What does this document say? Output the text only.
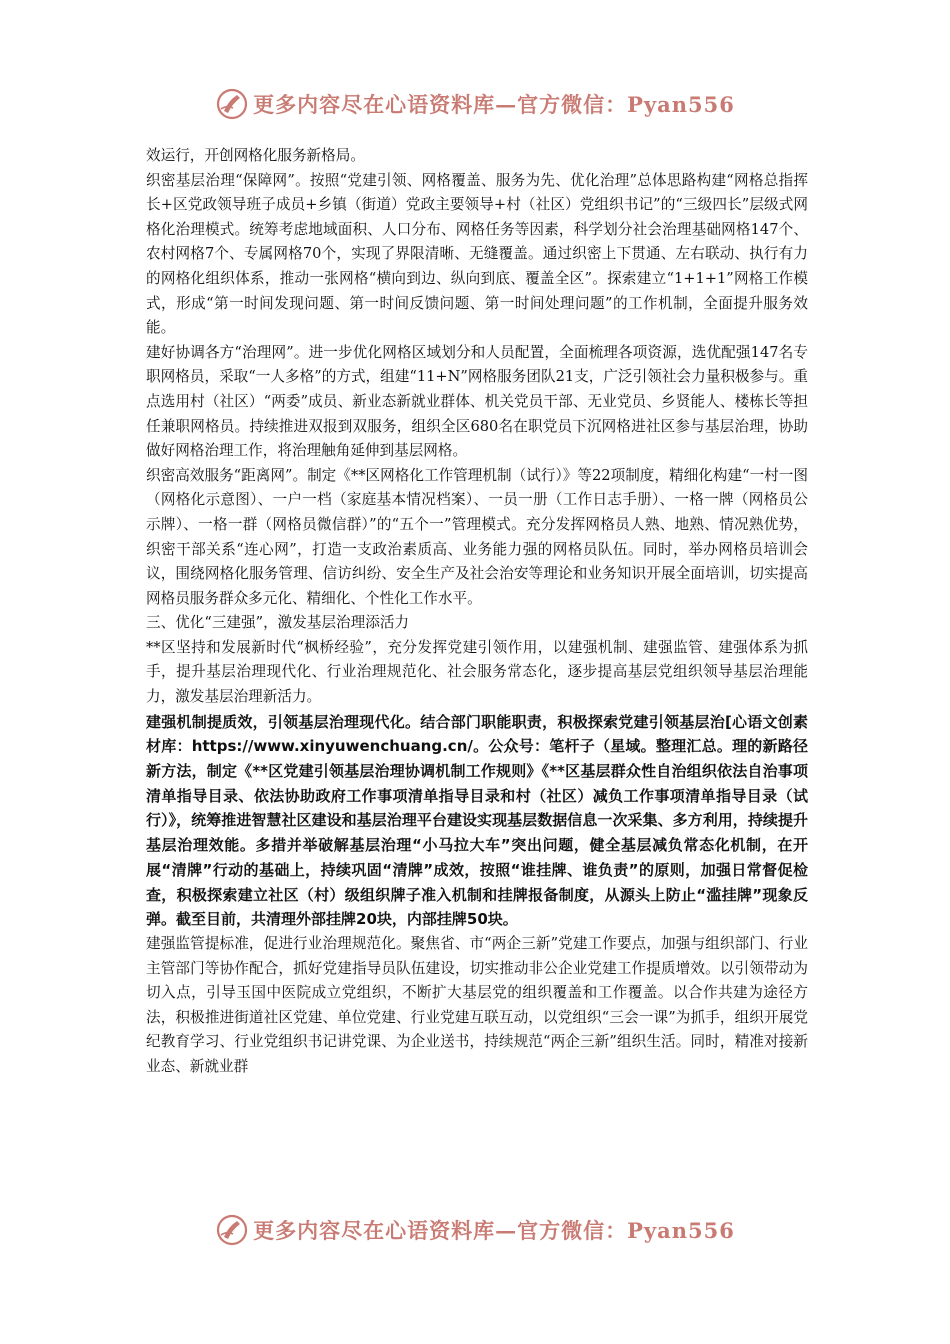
更多内容尽在心语资料库—官方微信：Pyan556

效运行，开创网格化服务新格局。

织密基层治理“保障网”。按照“党建引领、网格覆盖、服务为先、优化治理”总体思路构建“网格总指挥长+区党政领导班子成员+乡镇（街道）党政主要领导+村（社区）党组织书记”的“三级四长”层级式网格化治理模式。统筹考虑地域面积、人口分布、网格任务等因素，科学划分社会治理基础网格147个、农村网格7个、专属网格70个，实现了界限清晰、无缝覆盖。通过织密上下贯通、左右联动、执行有力的网格化组织体系，推动一张网格“横向到边、纵向到底、覆盖全区”。探索建立“1+1+1”网格工作模式，形成“第一时间发现问题、第一时间反馈问题、第一时间处理问题”的工作机制，全面提升服务效能。

建好协调各方“治理网”。进一步优化网格区域划分和人员配置，全面梳理各项资源，选优配强147名专职网格员，采取“一人多格”的方式，组建“11+N”网格服务团队21支，广泛引领社会力量积极参与。重点选用村（社区）“两委”成员、新业态新就业群体、机关党员干部、无业党员、乡贤能人、楼栋长等担任兼职网格员。持续推进双报到双服务，组织全区680名在职党员下沉网格进社区参与基层治理，协助做好网格治理工作，将治理触角延伸到基层网格。

织密高效服务“距离网”。制定《**区网格化工作管理机制（试行）》等22项制度，精细化构建“一村一图（网格化示意图）、一户一档（家庭基本情况档案）、一员一册（工作日志手册）、一格一牌（网格员公示牌）、一格一群（网格员微信群）”的“五个一”管理模式。充分发挥网格员人熟、地熟、情况熟优势，织密干部关系“连心网”，打造一支政治素质高、业务能力强的网格员队伍。同时，举办网格员培训会议，围绕网格化服务管理、信访纠纷、安全生产及社会治安等理论和业务知识开展全面培训，切实提高网格员服务群众多元化、精细化、个性化工作水平。

三、优化“三建强”，激发基层治理添活力

**区坚持和发展新时代“枫桥经验”，充分发挥党建引领作用，以建强机制、建强监管、建强体系为抓手，提升基层治理现代化、行业治理规范化、社会服务常态化，逐步提高基层党组织领导基层治理能力，激发基层治理新活力。

建强机制提质效，引领基层治理现代化。结合部门职能职责，积极探索党建引领基层治[心语文创素材库：https://www.xinyuwenchuang.cn/。公众号：笔杆子（星域。整理汇总。理的新路径新方法，制定《**区党建引领基层治理协调机制工作规则》《**区基层群众性自治组织依法自治事项清单指导目录、依法协助政府工作事项清单指导目录和村（社区）减负工作事项清单指导目录（试行）》，统筹推进智慧社区建设和基层治理平台建设实现基层数据信息一次采集、多方利用，持续提升基层治理效能。多措并举破解基层治理“小马拉大车”突出问题，健全基层减负常态化机制，在开展“清牌”行动的基础上，持续巩固“清牌”成效，按照“谁挂牌、谁负责”的原则，加强日常督促检查，积极探索建立社区（村）级组织牌子准入机制和挂牌报备制度，从源头上防止“滥挂牌”现象反弹。截至目前，共清理外部挂牌20块，内部挂牌50块。

建强监管提标准，促进行业治理规范化。聚焦省、市“两企三新”党建工作要点，加强与组织部门、行业主管部门等协作配合，抓好党建指导员队伍建设，切实推动非公企业党建工作提质增效。以引领带动为切入点，引导玉国中医院成立党组织，不断扩大基层党的组织覆盖和工作覆盖。以合作共建为途径方法，积极推进街道社区党建、单位党建、行业党建互联互动，以党组织“三会一课”为抓手，组织开展党纪教育学习、行业党组织书记讲党课、为企业送书，持续规范“两企三新”组织生活。同时，精准对接新业态、新就业群

更多内容尽在心语资料库—官方微信：Pyan556
